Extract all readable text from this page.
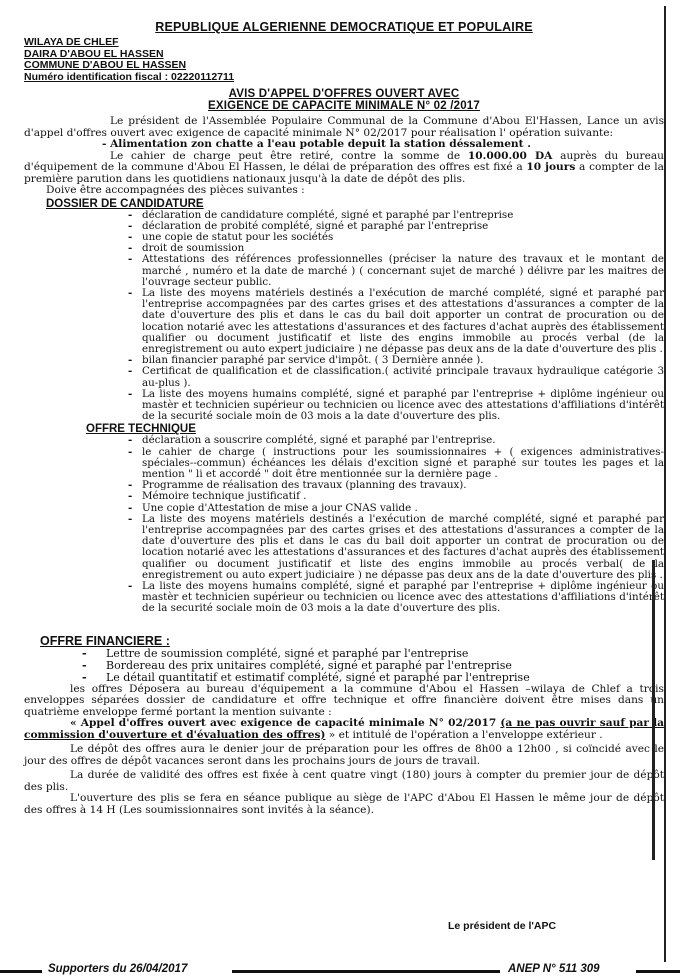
REPUBLIQUE ALGERIENNE DEMOCRATIQUE ET POPULAIRE
WILAYA DE CHLEF
DAIRA D'ABOU EL HASSEN
COMMUNE D'ABOU EL HASSEN
Numéro identification fiscal : 02220112711
AVIS D'APPEL D'OFFRES OUVERT AVEC
EXIGENCE DE CAPACITE MINIMALE N° 02 /2017

Le président de l'Assemblée Populaire Communal de la Commune d'Abou El'Hassen, Lance un avis d'appel d'offres ouvert avec exigence de capacité minimale N° 02/2017 pour réalisation l' opération suivante:

- Alimentation zon chatte a l'eau potable depuit la station déssalement .

Le cahier de charge peut être retiré, contre la somme de 10.000.00 DA auprès du bureau d'équipement de la commune d'Abou El Hassen, le délai de préparation des offres est fixé a 10 jours a compter de la première parution dans les quotidiens nationaux jusqu'à la date de dépôt des plis.

Doive être accompagnées des pièces suivantes :

DOSSIER DE CANDIDATURE
- déclaration de candidature complété, signé et paraphé par l'entreprise
- déclaration de probité complété, signé et paraphé par l'entreprise
- une copie de statut pour les sociétés
- droit de soumission
- Attestations des références professionnelles (préciser la nature des travaux et le montant de marché , numéro et la date de marché ) ( concernant sujet de marché ) délivre par les maitres de l'ouvrage secteur public.
- La liste des moyens matériels destinés a l'exécution de marché complété, signé et paraphé par l'entreprise accompagnées par des cartes grises et des attestations d'assurances a compter de la date d'ouverture des plis et dans le cas du bail doit apporter un contrat de procuration ou de location notarié avec les attestations d'assurances et des factures d'achat auprès des établissement qualifier ou document justificatif et liste des engins immobile au procés verbal (de la enregistrement ou auto expert judiciaire ) ne dépasse pas deux ans de la date d'ouverture des plis .
- bilan financier paraphé par service d'impôt. ( 3 Dernière année ).
- Certificat de qualification et de classification.( activité principale travaux hydraulique catégorie 3 au-plus ).
- La liste des moyens humains complété, signé et paraphé par l'entreprise + diplôme ingénieur ou mastèr et technicien supérieur ou technicien ou licence avec des attestations d'affiliations d'intérêt de la securité sociale moin de 03 mois a la date d'ouverture des plis.
OFFRE TECHNIQUE
- déclaration a souscrire complété, signé et paraphé par l'entreprise.
- le cahier de charge ( instructions pour les soumissionnaires + ( exigences administratives-spéciales--commun) échéances les délais d'excition signé et paraphé sur toutes les pages et la mention " li et accordé " doit être mentionnée sur la dernière page .
- Programme de réalisation des travaux (planning des travaux).
- Mémoire technique justificatif .
- Une copie d'Attestation de mise a jour CNAS valide .
- La liste des moyens matériels destinés a l'exécution de marché complété, signé et paraphé par l'entreprise accompagnées par des cartes grises et des attestations d'assurances a compter de la date d'ouverture des plis et dans le cas du bail doit apporter un contrat de procuration ou de location notarié avec les attestations d'assurances et des factures d'achat auprès des établissement qualifier ou document justificatif et liste des engins immobile au procés verbal( de la enregistrement ou auto expert judiciaire ) ne dépasse pas deux ans de la date d'ouverture des plis .
- La liste des moyens humains complété, signé et paraphé par l'entreprise + diplôme ingénieur ou mastèr et technicien supérieur ou technicien ou licence avec des attestations d'affiliations d'intérêt de la securité sociale moin de 03 mois a la date d'ouverture des plis.
OFFRE FINANCIERE :
- Lettre de soumission complété, signé et paraphé par l'entreprise
- Bordereau des prix unitaires complété, signé et paraphé par l'entreprise
- Le détail quantitatif et estimatif complété, signé et paraphé par l'entreprise

les offres Déposera au bureau d'équipement a la commune d'Abou el Hassen –wilaya de Chlef a trois enveloppes séparées dossier de candidature et offre technique et offre financière doivent être mises dans un quatrième enveloppe fermé portant la mention suivante :

« Appel d'offres ouvert avec exigence de capacité minimale N° 02/2017 (a ne pas ouvrir sauf par la commission d'ouverture et d'évaluation des offres) » et intitulé de l'opération a l'enveloppe extérieur .

Le dépôt des offres aura le denier jour de préparation pour les offres de 8h00 a 12h00 , si coïncidé avec le jour des offres de dépôt vacances seront dans les prochains jours de jours de travail.

La durée de validité des offres est fixée à cent quatre vingt (180) jours à compter du premier jour de dépôt des plis.

L'ouverture des plis se fera en séance publique au siège de l'APC d'Abou El Hassen le même jour de dépôt des offres à 14 H (Les soumissionnaires sont invités à la séance).

Le président de l'APC
Supporters du 26/04/2017	ANEP N° 511 309
